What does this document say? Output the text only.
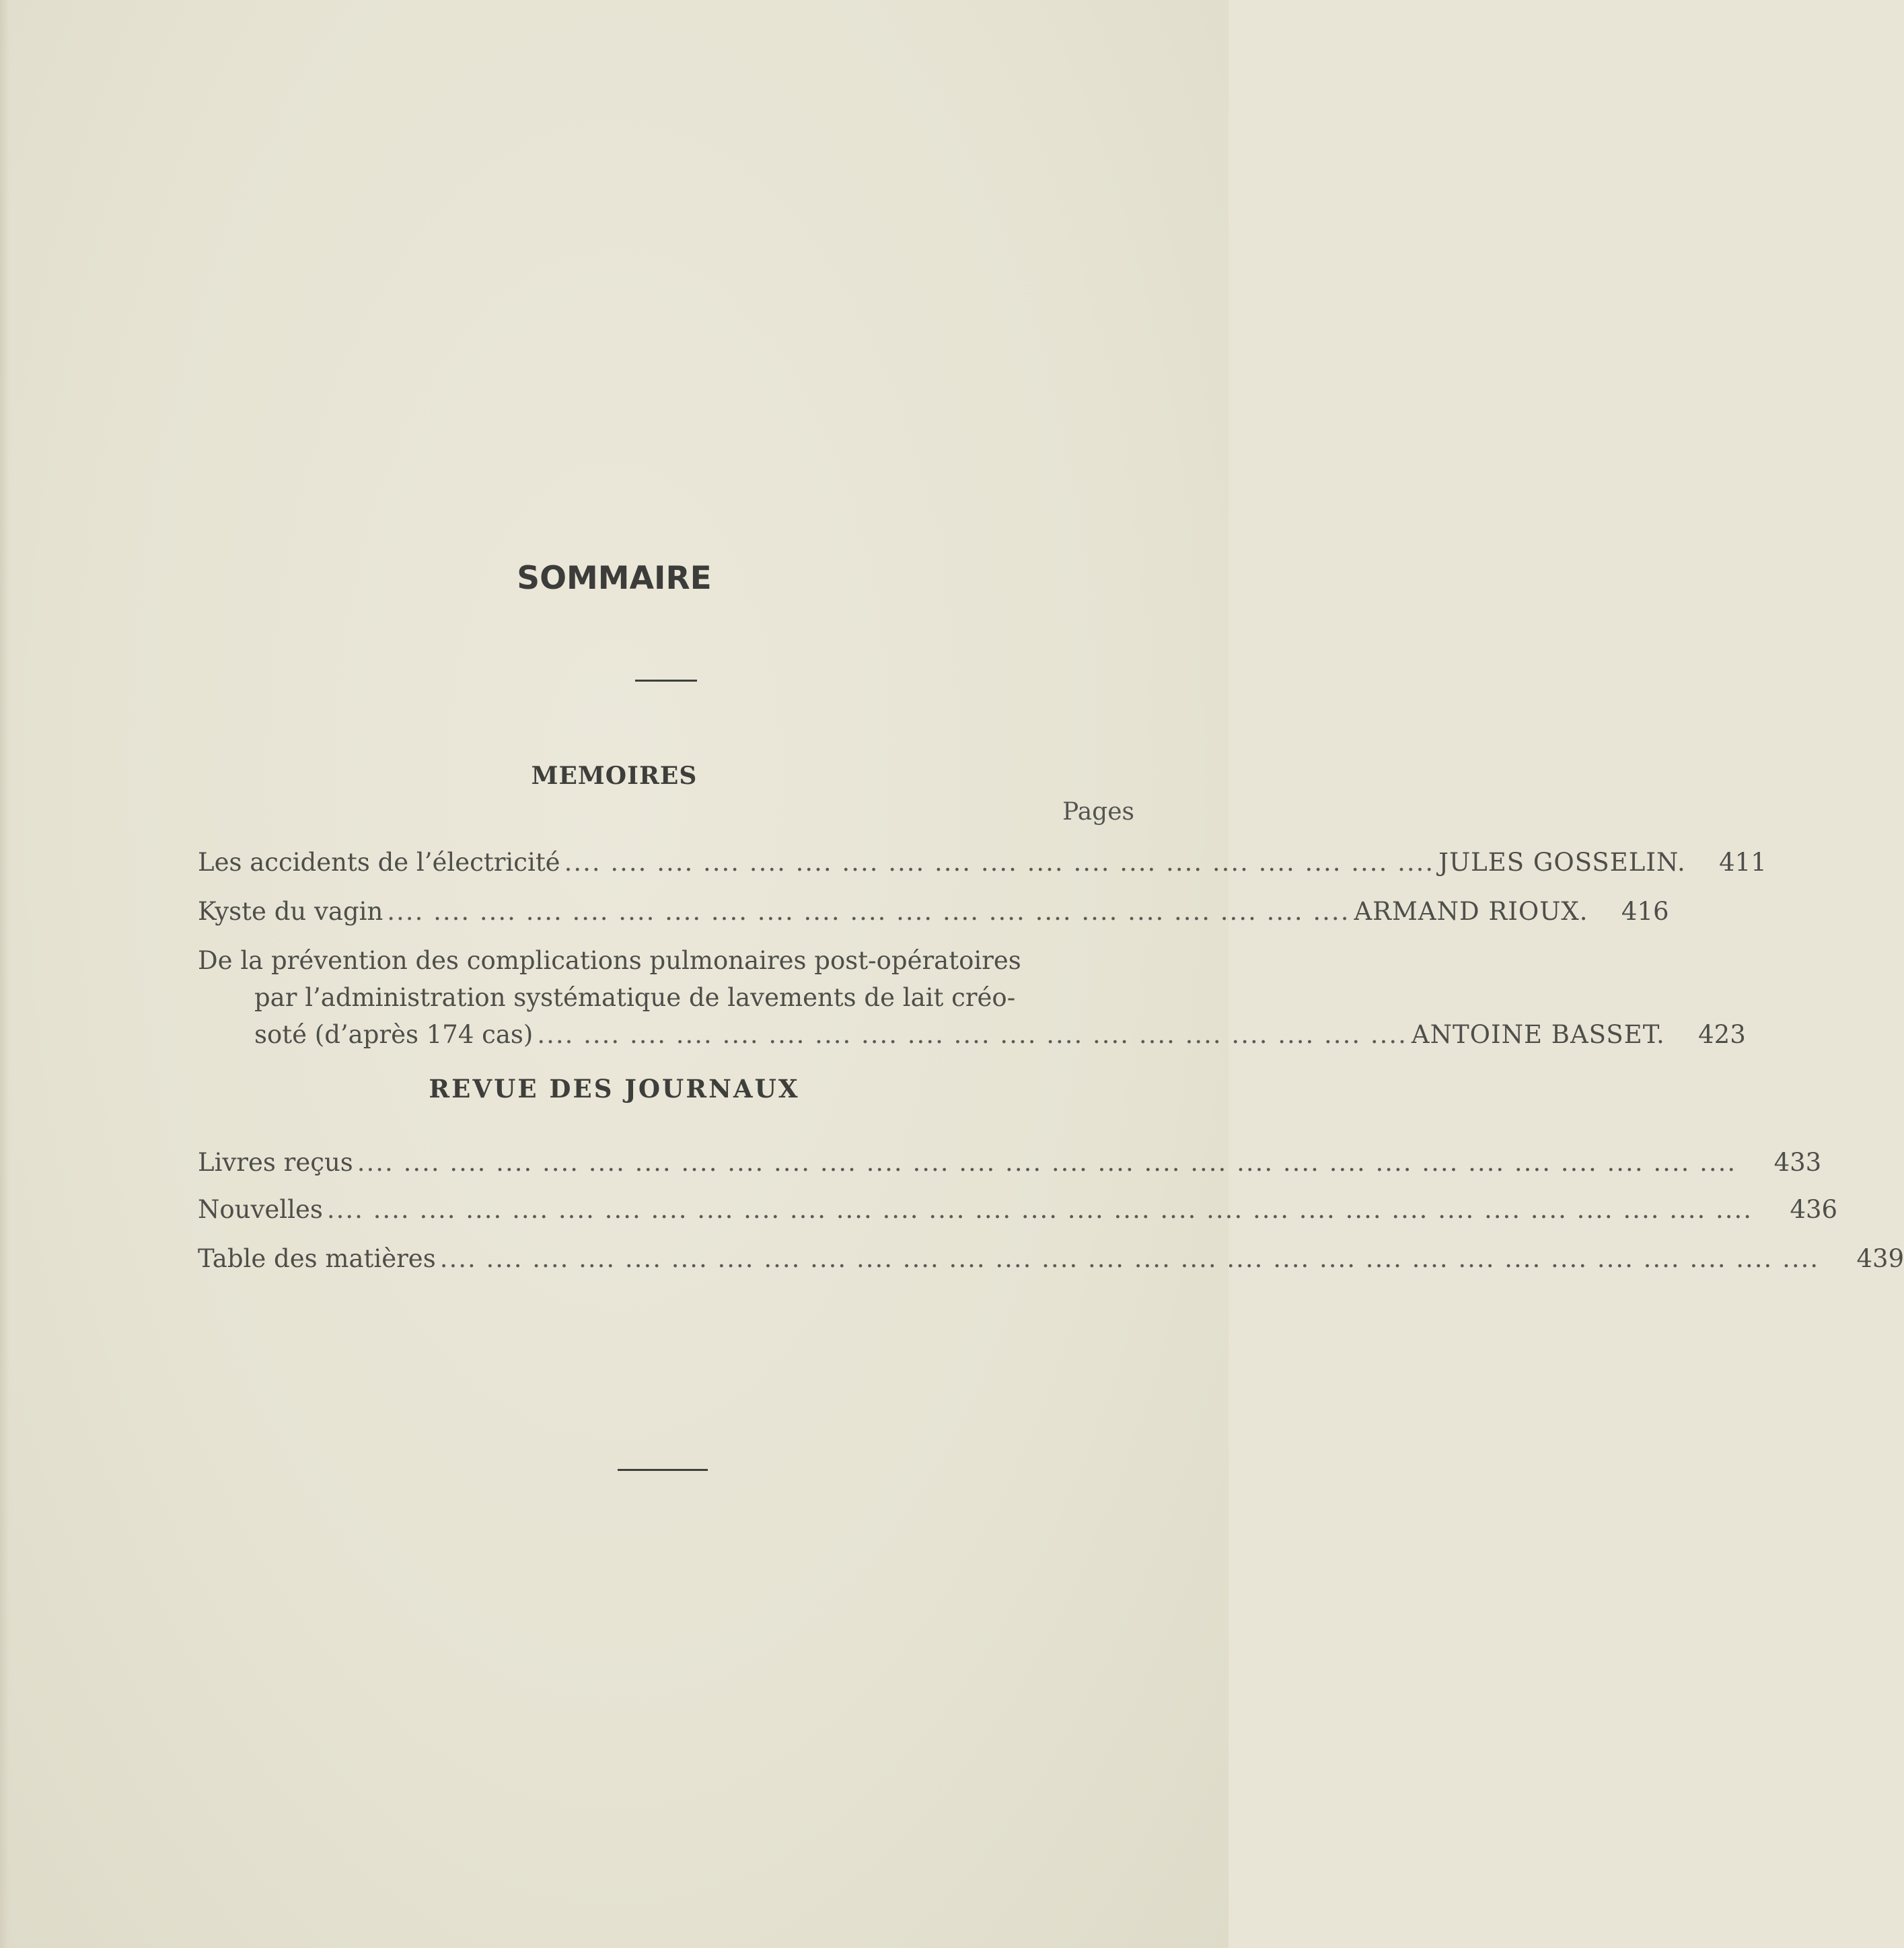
SOMMAIRE
MEMOIRES
Pages
Les accidents de l’électricité .... .... .... .... .... .... .... .... .... .... .... .... .... .... .... .... .... .... .... JULES GOSSELIN.	411
Kyste du vagin .... .... .... .... .... .... .... .... .... .... .... .... .... .... .... .... .... .... .... .... .... ARMAND RIOUX.	416
De la prévention des complications pulmonaires post-opératoires
par l’administration systématique de lavements de lait créo-
soté (d’après 174 cas) .... .... .... .... .... .... .... .... .... .... .... .... .... .... .... .... .... .... .... ANTOINE BASSET.	423
REVUE DES JOURNAUX
Livres reçus .... .... .... .... .... .... .... .... .... .... .... .... .... .... .... .... .... .... .... .... .... .... .... .... .... .... .... .... .... ....	433
Nouvelles .... .... .... .... .... .... .... .... .... .... .... .... .... .... .... .... .... .... .... .... .... .... .... .... .... .... .... .... .... .... ....	436
Table des matières .... .... .... .... .... .... .... .... .... .... .... .... .... .... .... .... .... .... .... .... .... .... .... .... .... .... .... .... .... ....	439
